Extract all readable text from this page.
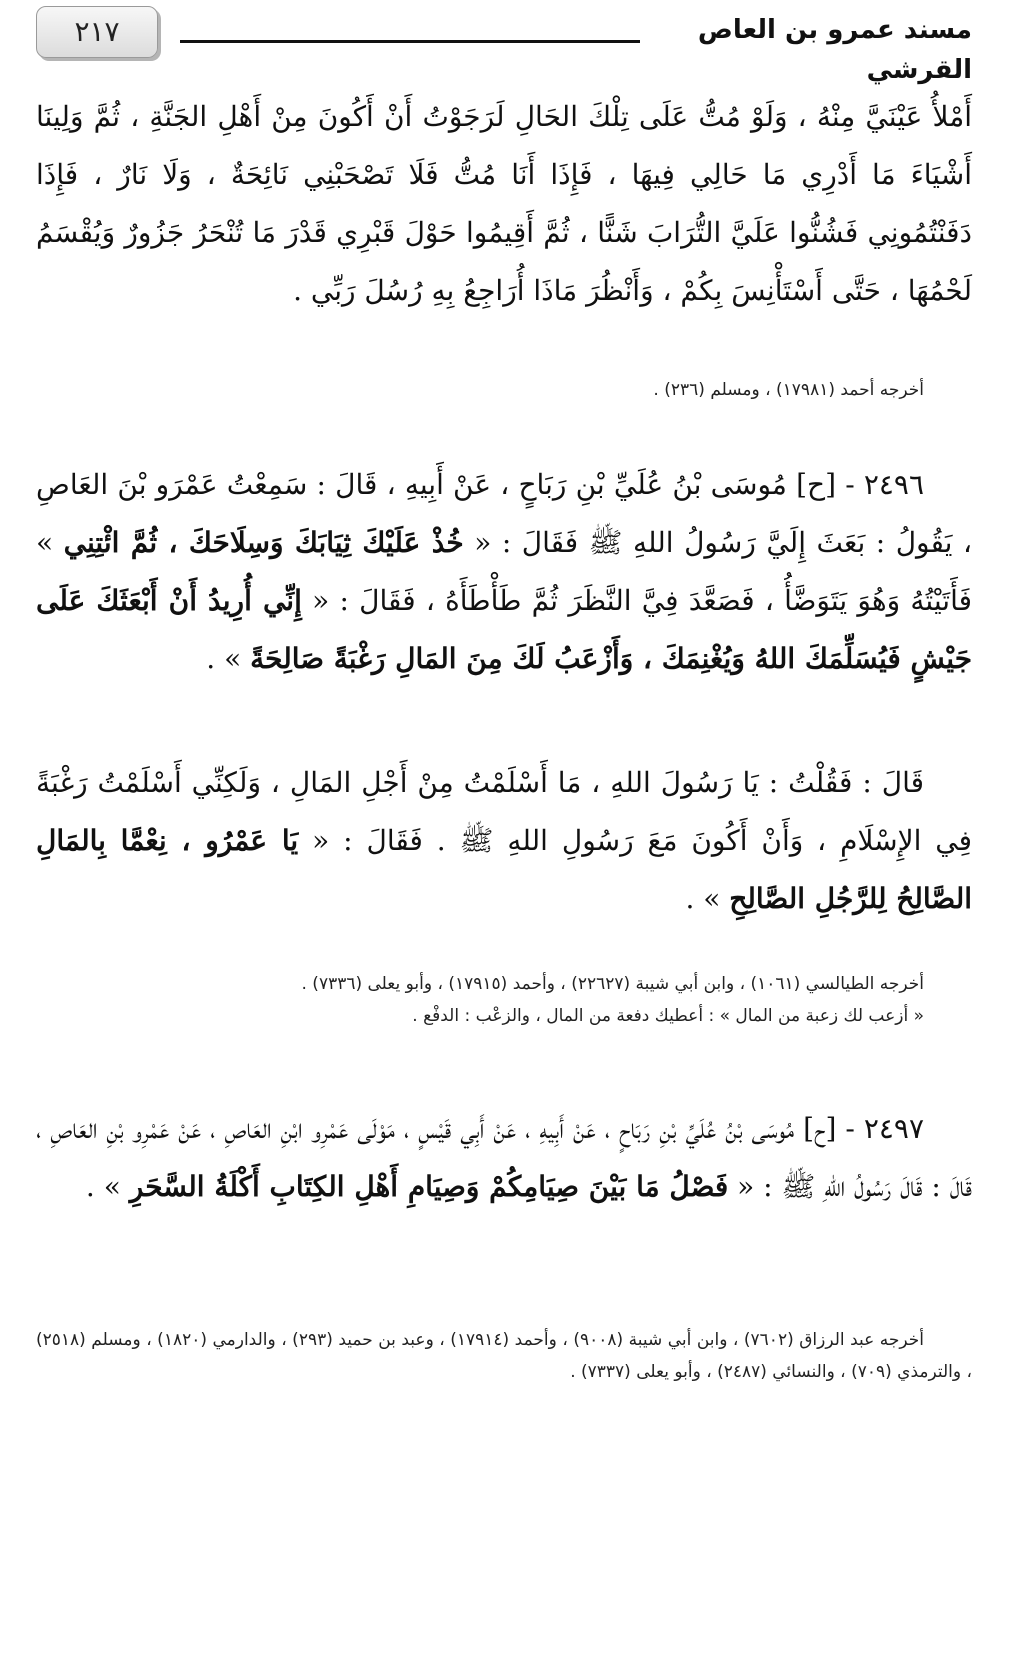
٢١٧	مسند عمرو بن العاص القرشي

أَمْلأُ عَيْنَيَّ مِنْهُ ، وَلَوْ مُتُّ عَلَى تِلْكَ الحَالِ لَرَجَوْتُ أَنْ أَكُونَ مِنْ أَهْلِ الجَنَّةِ ، ثُمَّ وَلِينَا أَشْيَاءَ مَا أَدْرِي مَا حَالِي فِيهَا ، فَإِذَا أَنَا مُتُّ فَلَا تَصْحَبْنِي نَائِحَةٌ ، وَلَا نَارٌ ، فَإِذَا دَفَنْتُمُونِي فَشُنُّوا عَلَيَّ التُّرَابَ شَنًّا ، ثُمَّ أَقِيمُوا حَوْلَ قَبْرِي قَدْرَ مَا تُنْحَرُ جَزُورٌ وَيُقْسَمُ لَحْمُهَا ، حَتَّى أَسْتَأْنِسَ بِكُمْ ، وَأَنْظُرَ مَاذَا أُرَاجِعُ بِهِ رُسُلَ رَبِّي .

أخرجه أحمد (١٧٩٨١) ، ومسلم (٢٣٦) .

٢٤٩٦ - [ح] مُوسَى بْنُ عُلَيِّ بْنِ رَبَاحٍ ، عَنْ أَبِيهِ ، قَالَ : سَمِعْتُ عَمْرَو بْنَ العَاصِ ، يَقُولُ : بَعَثَ إِلَيَّ رَسُولُ اللهِ ﷺ فَقَالَ : « خُذْ عَلَيْكَ ثِيَابَكَ وَسِلَاحَكَ ، ثُمَّ ائْتِنِي » فَأَتَيْتُهُ وَهُوَ يَتَوَضَّأُ ، فَصَعَّدَ فِيَّ النَّظَرَ ثُمَّ طَأْطَأَهُ ، فَقَالَ : « إِنِّي أُرِيدُ أَنْ أَبْعَثَكَ عَلَى جَيْشٍ فَيُسَلِّمَكَ اللهُ وَيُغْنِمَكَ ، وَأَزْعَبُ لَكَ مِنَ المَالِ رَغْبَةً صَالِحَةً » .

قَالَ : فَقُلْتُ : يَا رَسُولَ اللهِ ، مَا أَسْلَمْتُ مِنْ أَجْلِ المَالِ ، وَلَكِنِّي أَسْلَمْتُ رَغْبَةً فِي الإِسْلَامِ ، وَأَنْ أَكُونَ مَعَ رَسُولِ اللهِ ﷺ . فَقَالَ : « يَا عَمْرُو ، نِعْمَّا بِالمَالِ الصَّالِحُ لِلرَّجُلِ الصَّالِحِ » .

أخرجه الطيالسي (١٠٦١) ، وابن أبي شيبة (٢٢٦٢٧) ، وأحمد (١٧٩١٥) ، وأبو يعلى (٧٣٣٦) .

« أزعب لك زعبة من المال » : أعطيك دفعة من المال ، والزعْب : الدفْع .

٢٤٩٧ - [ح] مُوسَى بْنُ عُلَيِّ بْنِ رَبَاحٍ ، عَنْ أَبِيهِ ، عَنْ أَبِي قَيْسٍ ، مَوْلَى عَمْرِو ابْنِ العَاصِ ، عَنْ عَمْرِو بْنِ العَاصِ ، قَالَ : قَالَ رَسُولُ اللهِ ﷺ : « فَصْلُ مَا بَيْنَ صِيَامِكُمْ وَصِيَامِ أَهْلِ الكِتَابِ أَكْلَةُ السَّحَرِ » .

أخرجه عبد الرزاق (٧٦٠٢) ، وابن أبي شيبة (٩٠٠٨) ، وأحمد (١٧٩١٤) ، وعبد بن حميد (٢٩٣) ، والدارمي (١٨٢٠) ، ومسلم (٢٥١٨) ، والترمذي (٧٠٩) ، والنسائي (٢٤٨٧) ، وأبو يعلى (٧٣٣٧) .
